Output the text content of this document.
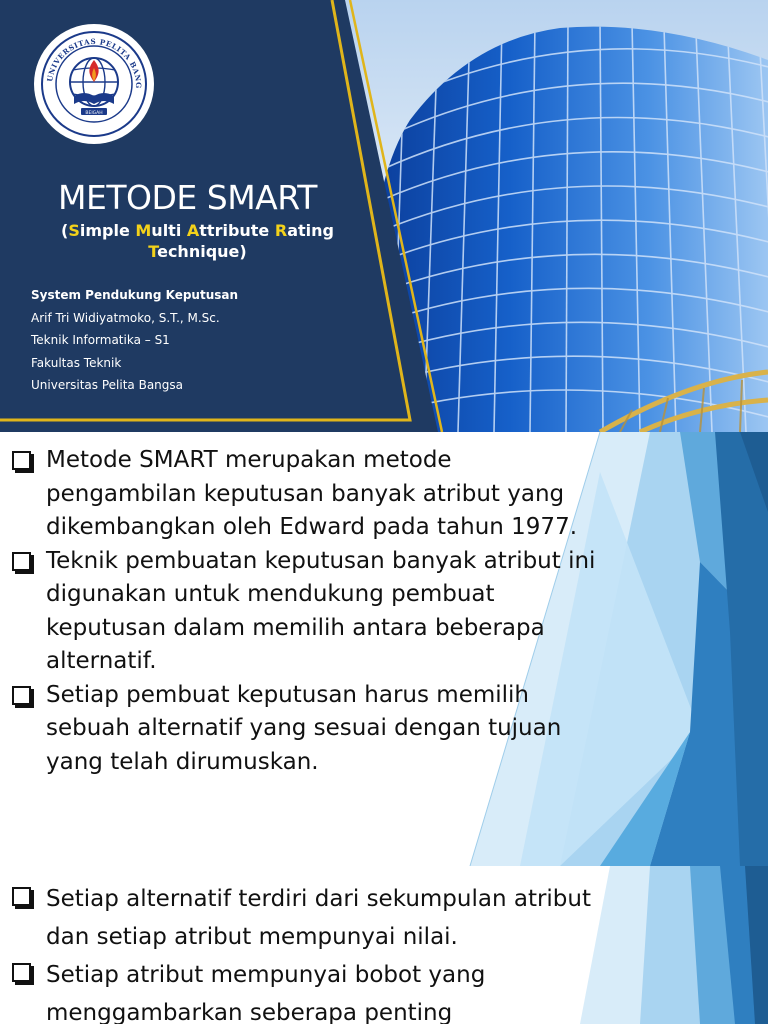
UNIVERSITAS PELITA BANG
BEIGAH
METODE SMART
(Simple Multi Attribute Rating
Technique)
System Pendukung Keputusan
Arif Tri Widiyatmoko, S.T., M.Sc.
Teknik Informatika – S1
Fakultas Teknik
Universitas Pelita Bangsa
Metode SMART merupakan metode pengambilan keputusan banyak atribut yang dikembangkan oleh Edward pada tahun 1977.
Teknik pembuatan keputusan banyak atribut ini digunakan untuk mendukung pembuat keputusan dalam memilih antara beberapa alternatif.
Setiap pembuat keputusan harus memilih sebuah alternatif yang sesuai dengan tujuan yang telah dirumuskan.
Setiap alternatif terdiri dari sekumpulan atribut dan setiap atribut mempunyai nilai.
Setiap atribut mempunyai bobot yang menggambarkan seberapa penting
